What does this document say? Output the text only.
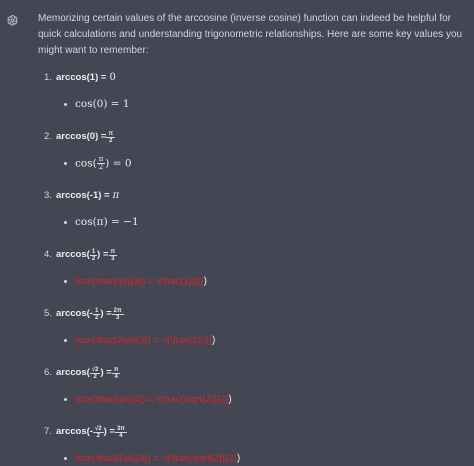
Memorizing certain values of the arccosine (inverse cosine) function can indeed be helpful for quick calculations and understanding trigonometric relationships. Here are some key values you might want to remember:

1. arccos(1) = 0
cos(0) = 1
2. $\arccos(0) = \frac{\pi}{2}$
$\cos( \frac{\pi}{2}$ ) = 0
3. arccos(-1) = π
cos(π) = −1
4. $\arccos( \frac{1}{2}$ ) = $\frac{\pi}{3}$
\cos(\frac{\pi}{3}) = \(\frac{1}{2} )
5. $\arccos(- \frac{1}{2}$ ) = $\frac{2\pi}{3}$
\cos(\frac{2\pi}{3}) = -\(\frac{1}{2} )
6. $\arccos( \frac{√2}{2}$ ) = $\frac{\pi}{4}$
\cos(\frac{\pi}{4}) = \(\frac{\sqrt{2}}{2} )
7. $\arccos(- \frac{√2}{2}$ ) = $\frac{3\pi}{4}$
\cos(\frac{3\pi}{4}) = -\(\frac{\sqrt{2}}{2} )
